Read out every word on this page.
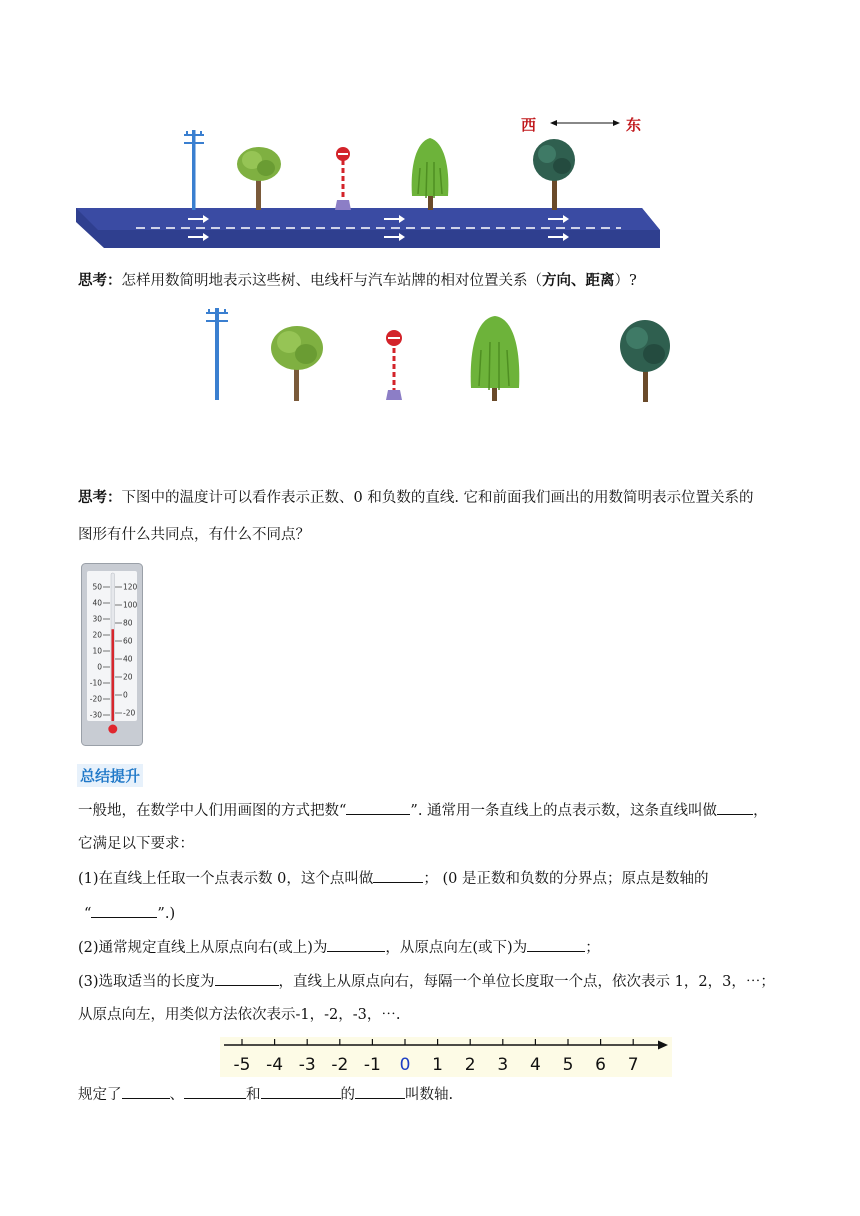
西	东
思考：怎样用数简明地表示这些树、电线杆与汽车站牌的相对位置关系（方向、距离）?
思考：下图中的温度计可以看作表示正数、0 和负数的直线. 它和前面我们画出的用数简明表示位置关系的
图形有什么共同点，有什么不同点？
50
40
30
20
10
0
-10
-20
-30
120
100
80
60
40
20
0
-20
总结提升
一般地，在数学中人们用画图的方式把数“	”. 通常用一条直线上的点表示数，这条直线叫做 ，
它满足以下要求：
(1)在直线上任取一个点表示数 0，这个点叫做	； (0 是正数和负数的分界点；原点是数轴的
“	”.)
(2)通常规定直线上从原点向右(或上)为	，从原点向左(或下)为	；
(3)选取适当的长度为	，直线上从原点向右，每隔一个单位长度取一个点，依次表示 1，2，3，⋯；
从原点向左，用类似方法依次表示-1，-2，-3，⋯.
-5 -4 -3 -2 -1 0 1 2 3 4 5 6 7
规定了	、	和	的	叫数轴.
